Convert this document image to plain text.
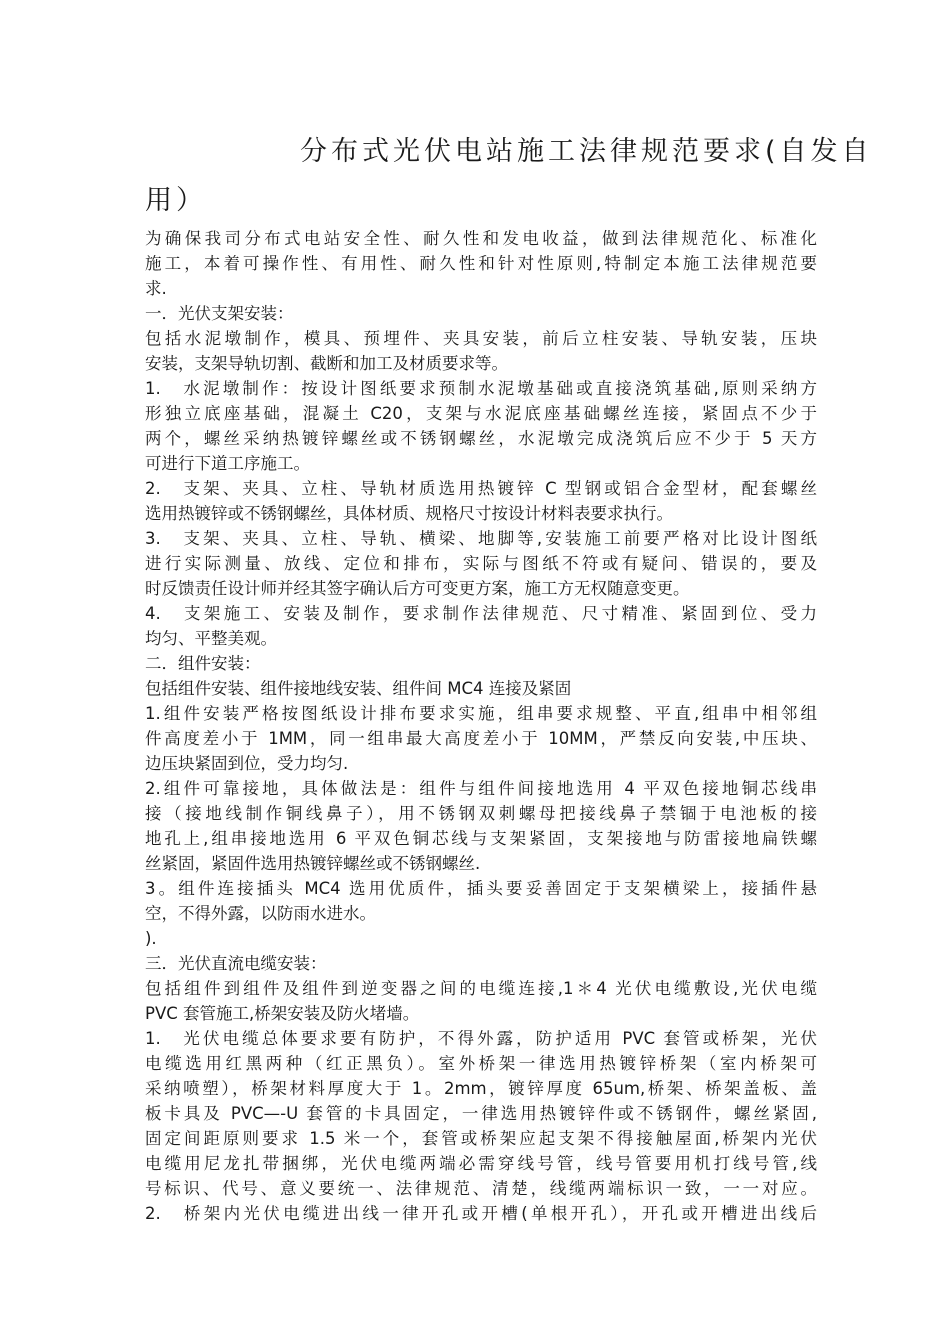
分布式光伏电站施工法律规范要求(自发自
用）
为确保我司分布式电站安全性、耐久性和发电收益，做到法律规范化、标准化
施工，本着可操作性、有用性、耐久性和针对性原则,特制定本施工法律规范要
求.
一．光伏支架安装：
包括水泥墩制作，模具、预埋件、夹具安装，前后立柱安装、导轨安装，压块
安装，支架导轨切割、截断和加工及材质要求等。
1.　水泥墩制作：按设计图纸要求预制水泥墩基础或直接浇筑基础,原则采纳方
形独立底座基础，混凝土 C20，支架与水泥底座基础螺丝连接，紧固点不少于
两个，螺丝采纳热镀锌螺丝或不锈钢螺丝，水泥墩完成浇筑后应不少于 5 天方
可进行下道工序施工。
2.　支架、夹具、立柱、导轨材质选用热镀锌 C 型钢或铝合金型材，配套螺丝
选用热镀锌或不锈钢螺丝，具体材质、规格尺寸按设计材料表要求执行。
3.　支架、夹具、立柱、导轨、横梁、地脚等,安装施工前要严格对比设计图纸
进行实际测量、放线、定位和排布，实际与图纸不符或有疑问、错误的，要及
时反馈责任设计师并经其签字确认后方可变更方案，施工方无权随意变更。
4.　支架施工、安装及制作，要求制作法律规范、尺寸精准、紧固到位、受力
均匀、平整美观。
二．组件安装：
包括组件安装、组件接地线安装、组件间 MC4 连接及紧固
1.组件安装严格按图纸设计排布要求实施，组串要求规整、平直,组串中相邻组
件高度差小于 1MM，同一组串最大高度差小于 10MM，严禁反向安装,中压块、
边压块紧固到位，受力均匀.
2.组件可靠接地，具体做法是：组件与组件间接地选用 4 平双色接地铜芯线串
接（接地线制作铜线鼻子），用不锈钢双刺螺母把接线鼻子禁锢于电池板的接
地孔上,组串接地选用 6 平双色铜芯线与支架紧固，支架接地与防雷接地扁铁螺
丝紧固，紧固件选用热镀锌螺丝或不锈钢螺丝.
3。组件连接插头 MC4 选用优质件，插头要妥善固定于支架横梁上，接插件悬
空，不得外露，以防雨水进水。
).
三．光伏直流电缆安装：
包括组件到组件及组件到逆变器之间的电缆连接,1＊4 光伏电缆敷设,光伏电缆
PVC 套管施工,桥架安装及防火堵墙。
1.　光伏电缆总体要求要有防护，不得外露，防护适用 PVC 套管或桥架，光伏
电缆选用红黑两种（红正黑负）。室外桥架一律选用热镀锌桥架（室内桥架可
采纳喷塑），桥架材料厚度大于 1。2mm，镀锌厚度 65um,桥架、桥架盖板、盖
板卡具及 PVC—-U 套管的卡具固定，一律选用热镀锌件或不锈钢件，螺丝紧固,
固定间距原则要求 1.5 米一个，套管或桥架应起支架不得接触屋面,桥架内光伏
电缆用尼龙扎带捆绑，光伏电缆两端必需穿线号管，线号管要用机打线号管,线
号标识、代号、意义要统一、法律规范、清楚，线缆两端标识一致，一一对应。
2.　桥架内光伏电缆进出线一律开孔或开槽(单根开孔），开孔或开槽进出线后
